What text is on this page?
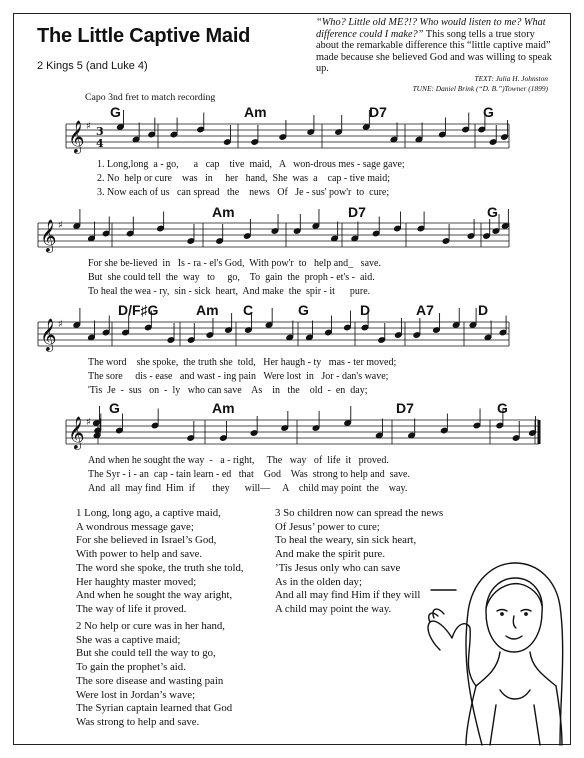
The Little Captive Maid
2 Kings 5 (and Luke 4)
“Who? Little old ME?!? Who would listen to me? What difference could I make?” This song tells a true story about the remarkable difference this “little captive maid” made because she believed God and was willing to speak up.
TEXT: Julia H. Johnston
TUNE: Daniel Brink (“D. B.”)Towner (1899)
Capo 3nd fret to match recording
G	Am	D7	G
1. Long,long  a - go,      a   cap    tive  maid,   A   won-drous mes - sage gave;
2. No  help or cure    was   in     her   hand,  She  was  a    cap - tive maid;
3. Now each of us   can spread   the    news   Of   Je - sus' pow'r  to  cure;
Am	D7	G
For she be-lieved  in   Is - ra - el's God,  With pow'r  to   help and_   save.
But  she could tell  the  way   to     go,    To  gain  the  proph - et's -  aid.
To heal the wea - ry,  sin - sick  heart,  And make  the  spir - it      pure.
D/F♯G	Am C	G	D	A7	D
The word    she spoke,  the truth she  told,   Her haugh - ty   mas - ter moved;
The sore     dis - ease   and wast - ing pain   Were lost  in   Jor - dan's wave;
'Tis  Je  -  sus   on  -  ly   who can save    As    in   the    old  -  en  day;
G	Am	D7	G
And when he sought the way  -   a - right,     The   way   of  life  it   proved.
The Syr - i - an  cap - tain learn - ed   that    God    Was  strong to help and  save.
And  all  may find  Him  if       they      will—     A    child may point  the    way.
1 Long, long ago, a captive maid,
A wondrous message gave;
For she believed in Israel’s God,
With power to help and save.
The word she spoke, the truth she told,
Her haughty master moved;
And when he sought the way aright,
The way of life it proved.
2 No help or cure was in her hand,
She was a captive maid;
But she could tell the way to go,
To gain the prophet’s aid.
The sore disease and wasting pain
Were lost in Jordan’s wave;
The Syrian captain learned that God
Was strong to help and save.
3 So children now can spread the news
Of Jesus’ power to cure;
To heal the weary, sin sick heart,
And make the spirit pure.
’Tis Jesus only who can save
As in the olden day;
And all may find Him if they will
A child may point the way.
𝄞 ♯ 3
4
𝄞 ♯
𝄞 ♯
𝄞 ♯
